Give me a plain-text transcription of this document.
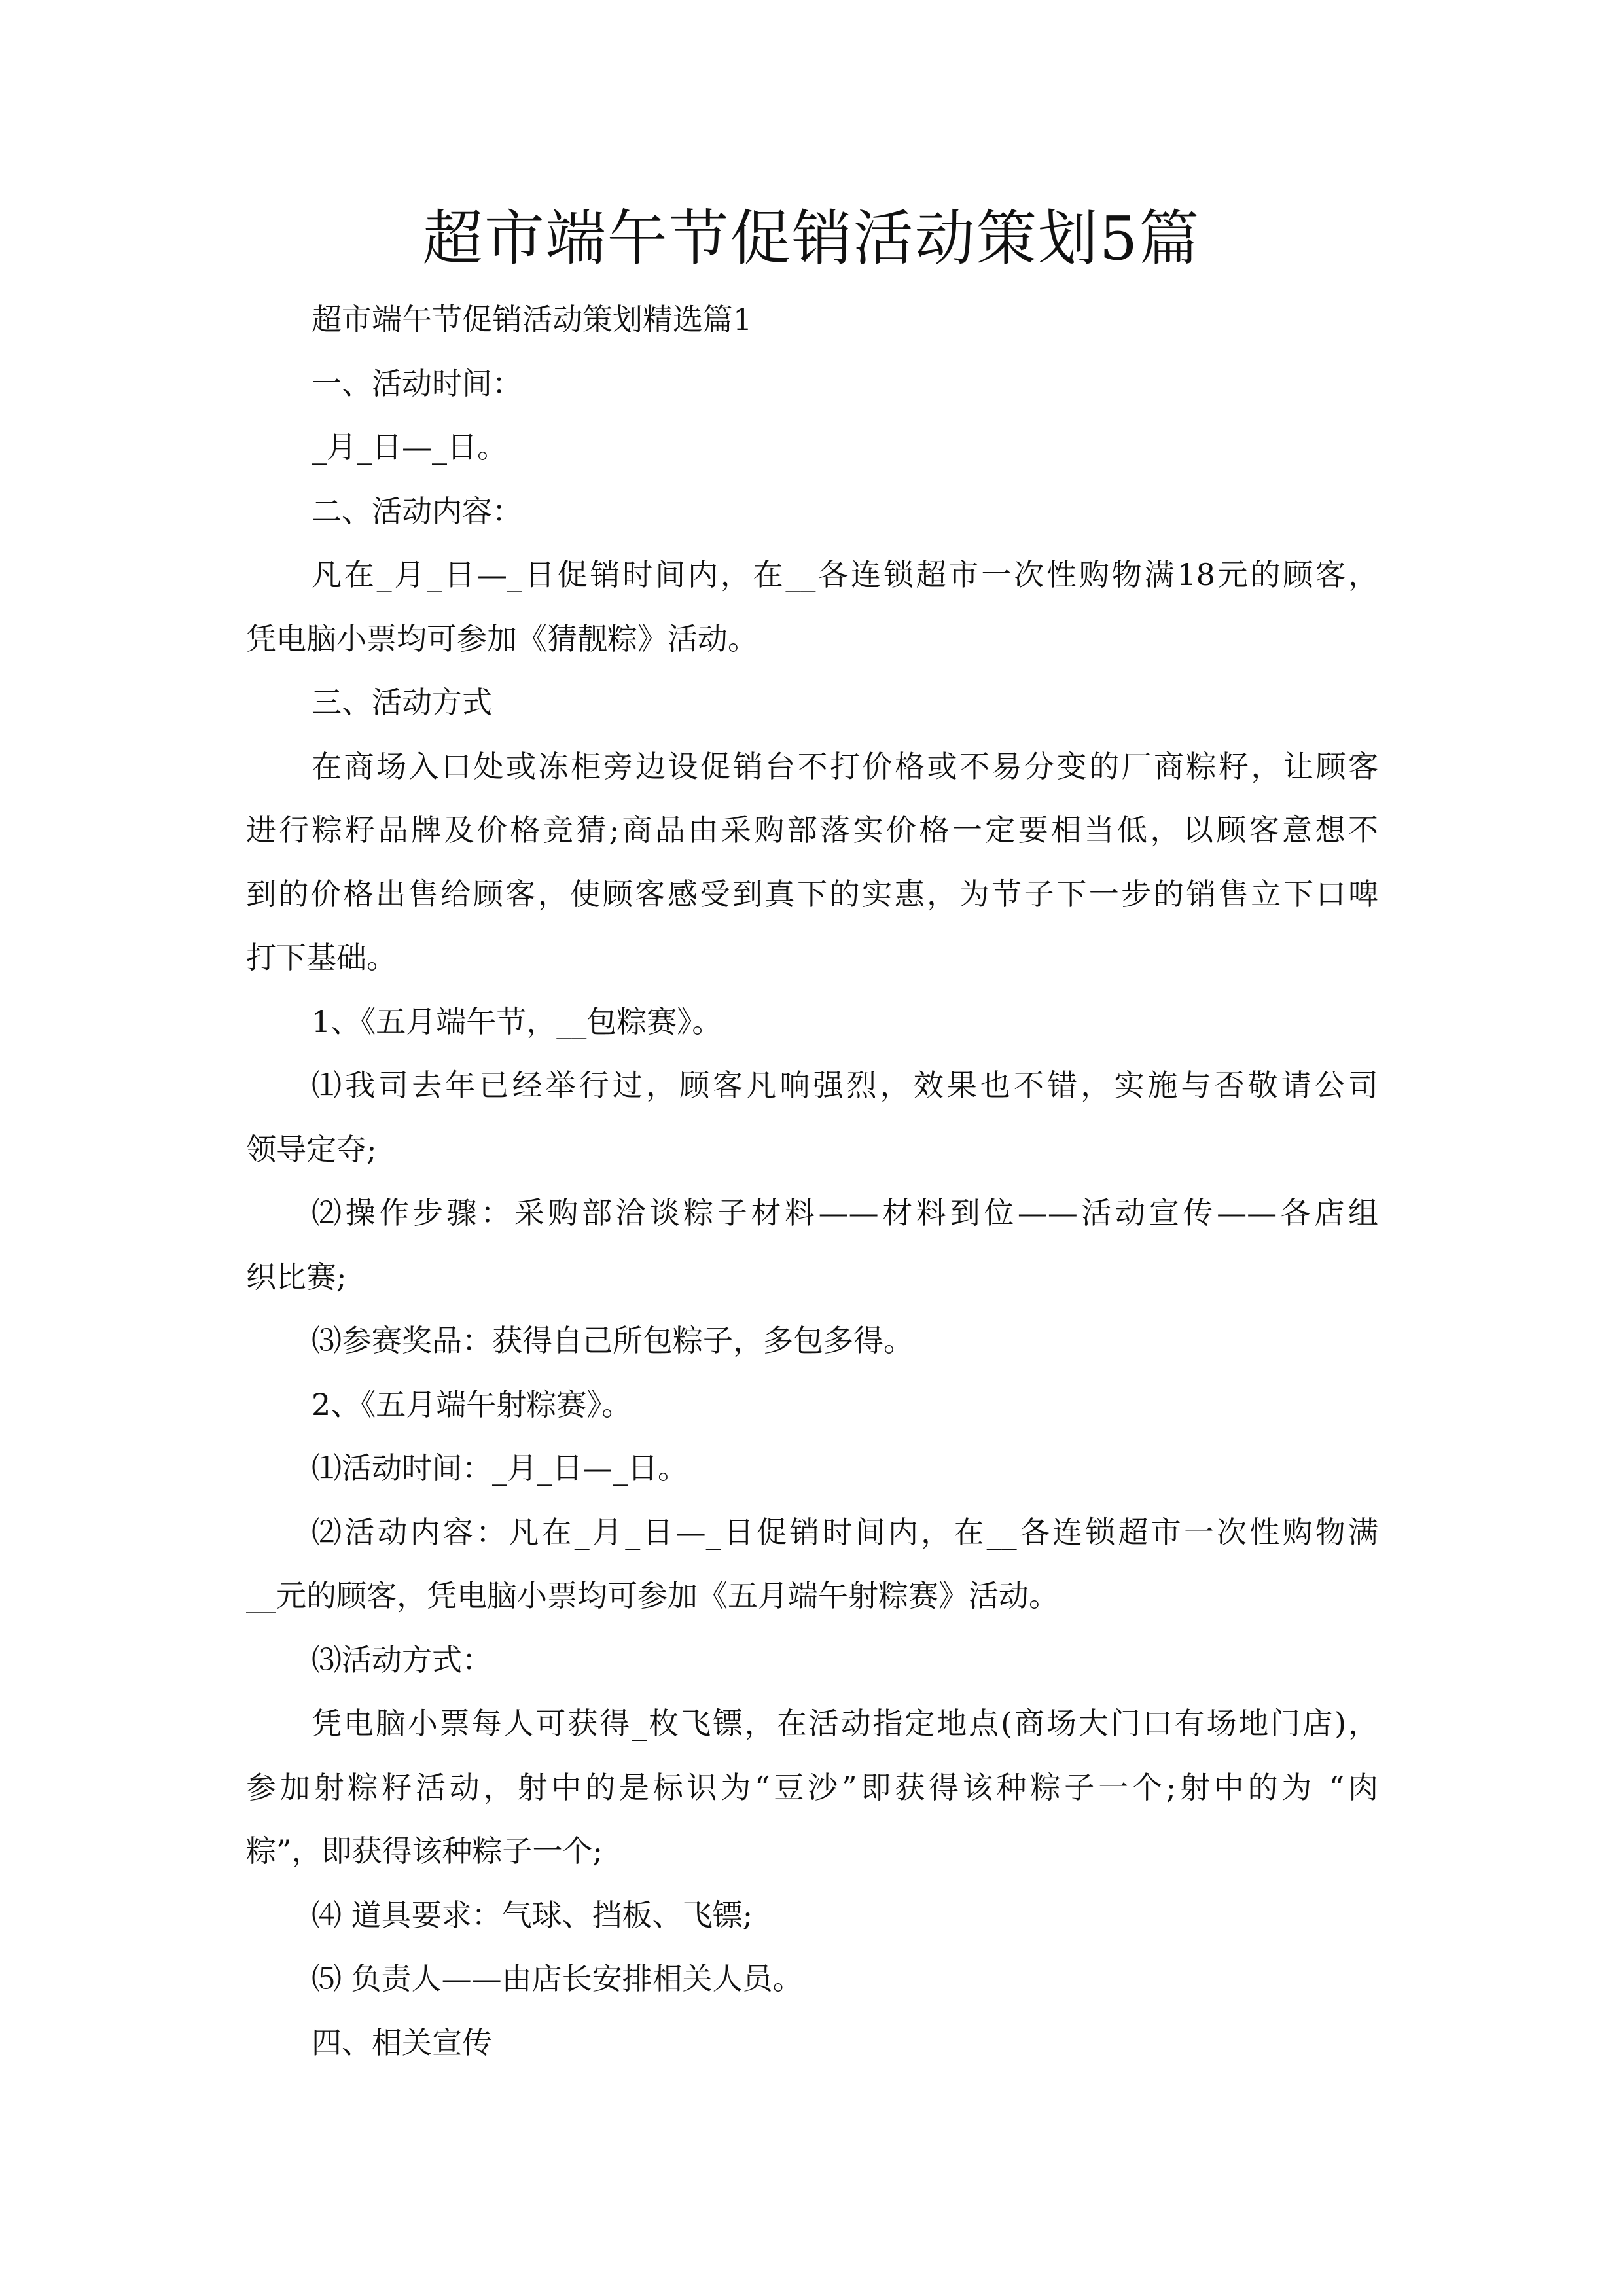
超市端午节促销活动策划5篇

超市端午节促销活动策划精选篇1

一、活动时间：

_月_日—_日。

二、活动内容：

凡在_月_日—_日促销时间内，在__各连锁超市一次性购物满18元的顾客，

凭电脑小票均可参加《猜靓粽》活动。

三、活动方式

在商场入口处或冻柜旁边设促销台不打价格或不易分变的厂商粽籽，让顾客

进行粽籽品牌及价格竞猜;商品由采购部落实价格一定要相当低，以顾客意想不

到的价格出售给顾客，使顾客感受到真下的实惠，为节子下一步的销售立下口啤

打下基础。

1、《五月端午节，__包粽赛》。

⑴我司去年已经举行过，顾客凡响强烈，效果也不错，实施与否敬请公司

领导定夺;

⑵操作步骤：采购部洽谈粽子材料——材料到位——活动宣传——各店组

织比赛;

⑶参赛奖品：获得自己所包粽子，多包多得。

2、《五月端午射粽赛》。

⑴活动时间：_月_日—_日。

⑵活动内容：凡在_月_日—_日促销时间内，在__各连锁超市一次性购物满

__元的顾客，凭电脑小票均可参加《五月端午射粽赛》活动。

⑶活动方式：

凭电脑小票每人可获得_枚飞镖，在活动指定地点(商场大门口有场地门店)，

参加射粽籽活动，射中的是标识为“豆沙”即获得该种粽子一个;射中的为 “肉

粽”，即获得该种粽子一个;

⑷ 道具要求：气球、挡板、飞镖;

⑸ 负责人——由店长安排相关人员。

四、相关宣传
